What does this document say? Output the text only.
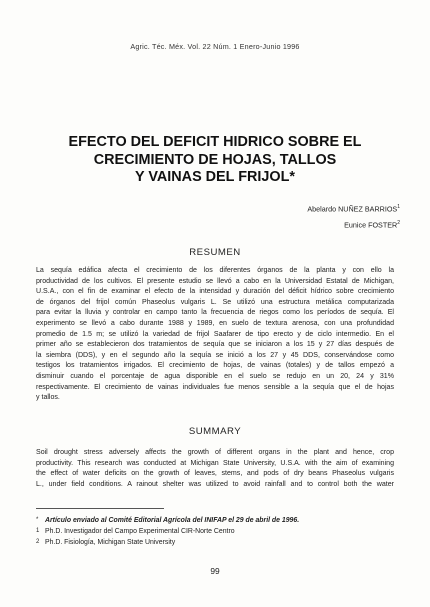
Agric. Téc. Méx. Vol. 22 Núm. 1 Enero-Junio 1996
EFECTO DEL DEFICIT HIDRICO SOBRE EL
CRECIMIENTO DE HOJAS, TALLOS
Y VAINAS DEL FRIJOL*
Abelardo NUÑEZ BARRIOS$^1$
Eunice FOSTER$^2$
RESUMEN
La sequía edáfica afecta el crecimiento de los diferentes órganos de la planta y con ello la
productividad de los cultivos. El presente estudio se llevó a cabo en la Universidad Estatal de Michigan,
U.S.A., con el fin de examinar el efecto de la intensidad y duración del déficit hídrico sobre crecimiento
de órganos del frijol común Phaseolus vulgaris L. Se utilizó una estructura metálica computarizada
para evitar la lluvia y controlar en campo tanto la frecuencia de riegos como los períodos de sequía. El
experimento se llevó a cabo durante 1988 y 1989, en suelo de textura arenosa, con una profundidad
promedio de 1.5 m; se utilizó la variedad de frijol Saafarer de tipo erecto y de ciclo intermedio. En el
primer año se establecieron dos tratamientos de sequía que se iniciaron a los 15 y 27 días después de
la siembra (DDS), y en el segundo año la sequía se inició a los 27 y 45 DDS, conservándose como
testigos los tratamientos irrigados. El crecimiento de hojas, de vainas (totales) y de tallos empezó a
disminuir cuando el porcentaje de agua disponible en el suelo se redujo en un 20, 24 y 31%
respectivamente. El crecimiento de vainas individuales fue menos sensible a la sequía que el de hojas
y tallos.
SUMMARY
Soil drought stress adversely affects the growth of different organs in the plant and hence, crop
productivity. This research was conducted at Michigan State University, U.S.A. with the aim of examining
the effect of water deficits on the growth of leaves, stems, and pods of dry beans Phaseolus vulgaris
L., under field conditions. A rainout shelter was utilized to avoid rainfall and to control both the water
* Artículo enviado al Comité Editorial Agrícola del INIFAP el 29 de abril de 1996.
1 Ph.D. Investigador del Campo Experimental CIR-Norte Centro
2 Ph.D. Fisiología, Michigan State University
99
